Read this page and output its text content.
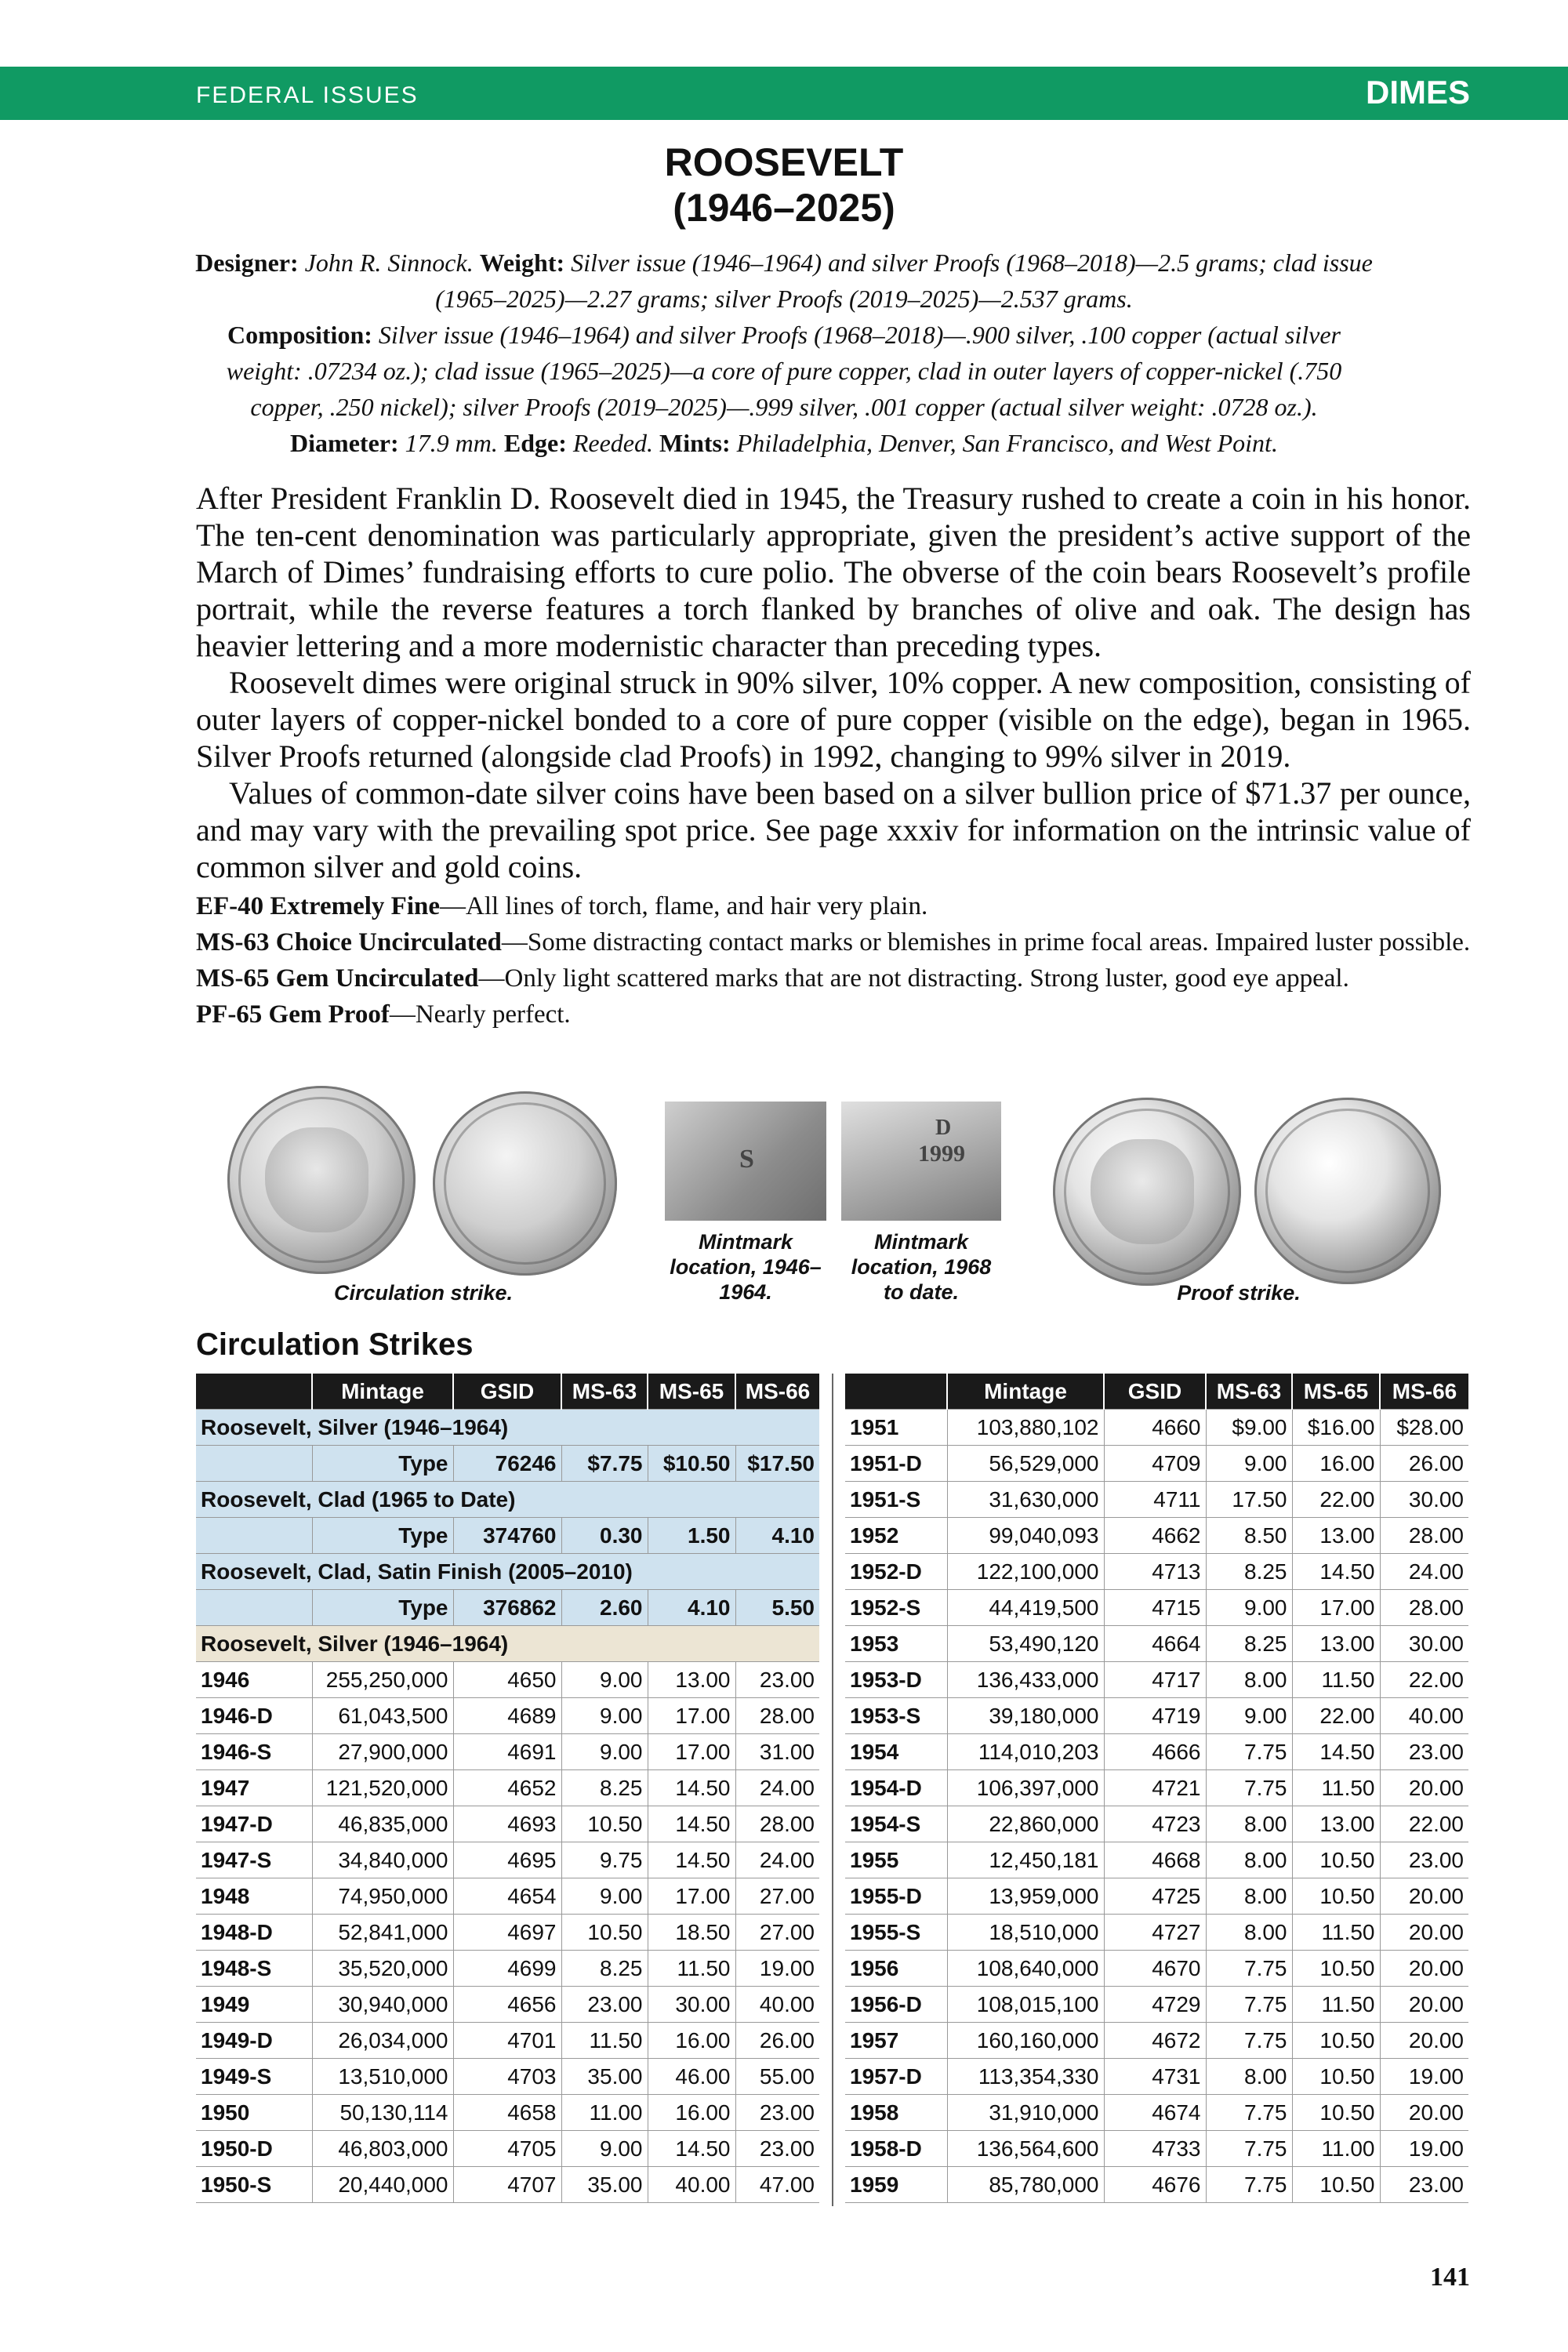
FEDERAL ISSUES	DIMES
ROOSEVELT
(1946–2025)
Designer: John R. Sinnock. Weight: Silver issue (1946–1964) and silver Proofs (1968–2018)—2.5 grams; clad issue (1965–2025)—2.27 grams; silver Proofs (2019–2025)—2.537 grams.
Composition: Silver issue (1946–1964) and silver Proofs (1968–2018)—.900 silver, .100 copper (actual silver weight: .07234 oz.); clad issue (1965–2025)—a core of pure copper, clad in outer layers of copper-nickel (.750 copper, .250 nickel); silver Proofs (2019–2025)—.999 silver, .001 copper (actual silver weight: .0728 oz.).
Diameter: 17.9 mm. Edge: Reeded. Mints: Philadelphia, Denver, San Francisco, and West Point.

After President Franklin D. Roosevelt died in 1945, the Treasury rushed to create a coin in his honor. The ten-cent denomination was particularly appropriate, given the president’s active support of the March of Dimes’ fundraising efforts to cure polio. The obverse of the coin bears Roosevelt’s profile portrait, while the reverse features a torch flanked by branches of olive and oak. The design has heavier lettering and a more modernistic character than preceding types.

Roosevelt dimes were original struck in 90% silver, 10% copper. A new composition, consisting of outer layers of copper-nickel bonded to a core of pure copper (visible on the edge), began in 1965. Silver Proofs returned (alongside clad Proofs) in 1992, changing to 99% silver in 2019.

Values of common-date silver coins have been based on a silver bullion price of $71.37 per ounce, and may vary with the prevailing spot price. See page xxxiv for information on the intrinsic value of common silver and gold coins.

EF-40 Extremely Fine—All lines of torch, flame, and hair very plain.

MS-63 Choice Uncirculated—Some distracting contact marks or blemishes in prime focal areas. Impaired luster possible.

MS-65 Gem Uncirculated—Only light scattered marks that are not distracting. Strong luster, good eye appeal.

PF-65 Gem Proof—Nearly perfect.

Circulation strike.
S
Mintmark location, 1946–1964.
D
1999
Mintmark location, 1968 to date.	Proof strike.
Circulation Strikes
	Mintage	GSID	MS-63	MS-65	MS-66
Roosevelt, Silver (1946–1964)					
	Type	76246	$7.75	$10.50	$17.50
Roosevelt, Clad (1965 to Date)					
	Type	374760	0.30	1.50	4.10
Roosevelt, Clad, Satin Finish (2005–2010)					
	Type	376862	2.60	4.10	5.50
Roosevelt, Silver (1946–1964)					
1946	255,250,000	4650	9.00	13.00	23.00
1946-D	61,043,500	4689	9.00	17.00	28.00
1946-S	27,900,000	4691	9.00	17.00	31.00
1947	121,520,000	4652	8.25	14.50	24.00
1947-D	46,835,000	4693	10.50	14.50	28.00
1947-S	34,840,000	4695	9.75	14.50	24.00
1948	74,950,000	4654	9.00	17.00	27.00
1948-D	52,841,000	4697	10.50	18.50	27.00
1948-S	35,520,000	4699	8.25	11.50	19.00
1949	30,940,000	4656	23.00	30.00	40.00
1949-D	26,034,000	4701	11.50	16.00	26.00
1949-S	13,510,000	4703	35.00	46.00	55.00
1950	50,130,114	4658	11.00	16.00	23.00
1950-D	46,803,000	4705	9.00	14.50	23.00
1950-S	20,440,000	4707	35.00	40.00	47.00
	Mintage	GSID	MS-63	MS-65	MS-66
1951	103,880,102	4660	$9.00	$16.00	$28.00
1951-D	56,529,000	4709	9.00	16.00	26.00
1951-S	31,630,000	4711	17.50	22.00	30.00
1952	99,040,093	4662	8.50	13.00	28.00
1952-D	122,100,000	4713	8.25	14.50	24.00
1952-S	44,419,500	4715	9.00	17.00	28.00
1953	53,490,120	4664	8.25	13.00	30.00
1953-D	136,433,000	4717	8.00	11.50	22.00
1953-S	39,180,000	4719	9.00	22.00	40.00
1954	114,010,203	4666	7.75	14.50	23.00
1954-D	106,397,000	4721	7.75	11.50	20.00
1954-S	22,860,000	4723	8.00	13.00	22.00
1955	12,450,181	4668	8.00	10.50	23.00
1955-D	13,959,000	4725	8.00	10.50	20.00
1955-S	18,510,000	4727	8.00	11.50	20.00
1956	108,640,000	4670	7.75	10.50	20.00
1956-D	108,015,100	4729	7.75	11.50	20.00
1957	160,160,000	4672	7.75	10.50	20.00
1957-D	113,354,330	4731	8.00	10.50	19.00
1958	31,910,000	4674	7.75	10.50	20.00
1958-D	136,564,600	4733	7.75	11.00	19.00
1959	85,780,000	4676	7.75	10.50	23.00
141
